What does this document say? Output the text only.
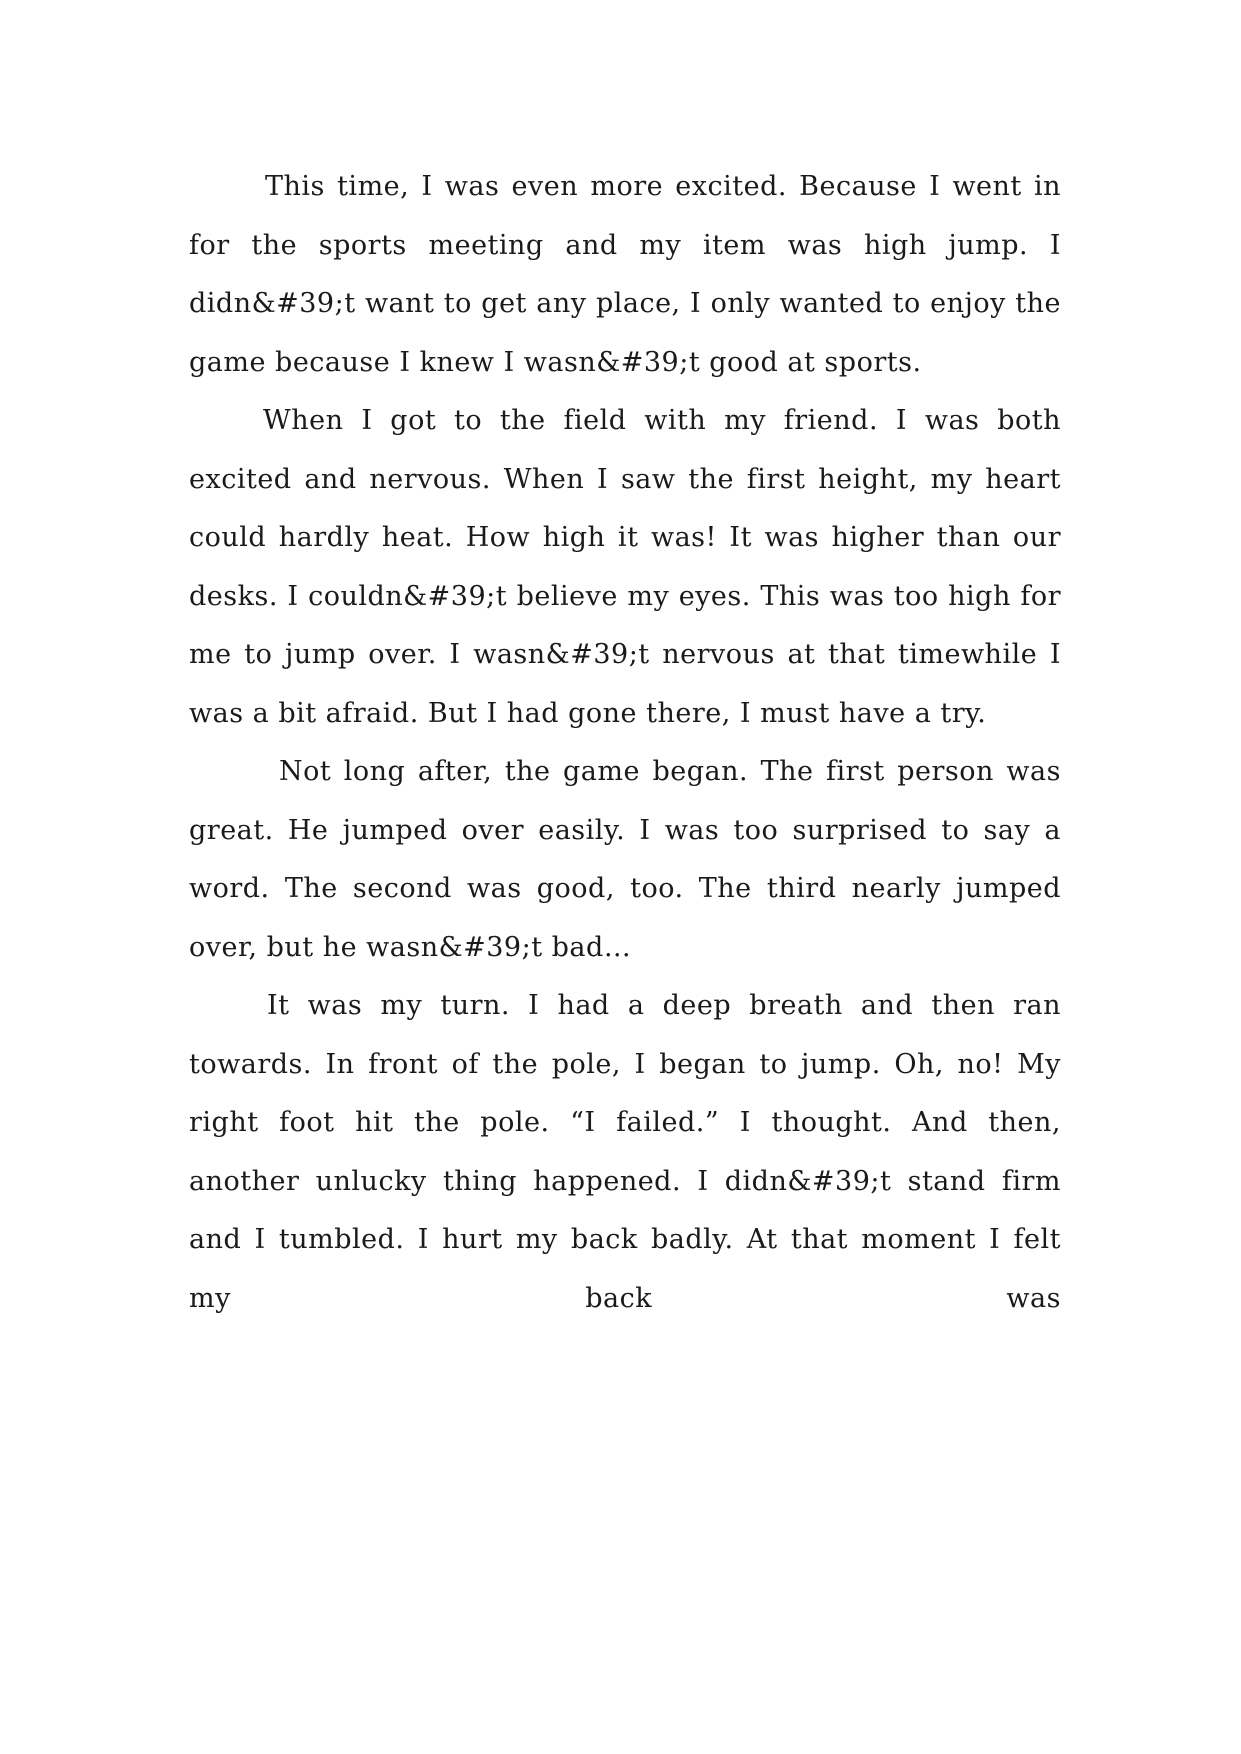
This time, I was even more excited. Because I went in for the sports meeting and my item was high jump. I didn&#39;t want to get any place, I only wanted to enjoy the game because I knew I wasn&#39;t good at sports.

When I got to the field with my friend. I was both excited and nervous. When I saw the first height, my heart could hardly heat. How high it was! It was higher than our desks. I couldn&#39;t believe my eyes. This was too high for me to jump over. I wasn&#39;t nervous at that timewhile I was a bit afraid. But I had gone there, I must have a try.

Not long after, the game began. The first person was great. He jumped over easily. I was too surprised to say a word. The second was good, too. The third nearly jumped over, but he wasn&#39;t bad…

It was my turn. I had a deep breath and then ran towards. In front of the pole, I began to jump. Oh, no! My right foot hit the pole. “I failed.” I thought. And then, another unlucky thing happened. I didn&#39;t stand firm and I tumbled. I hurt my back badly. At that moment I felt my back was
